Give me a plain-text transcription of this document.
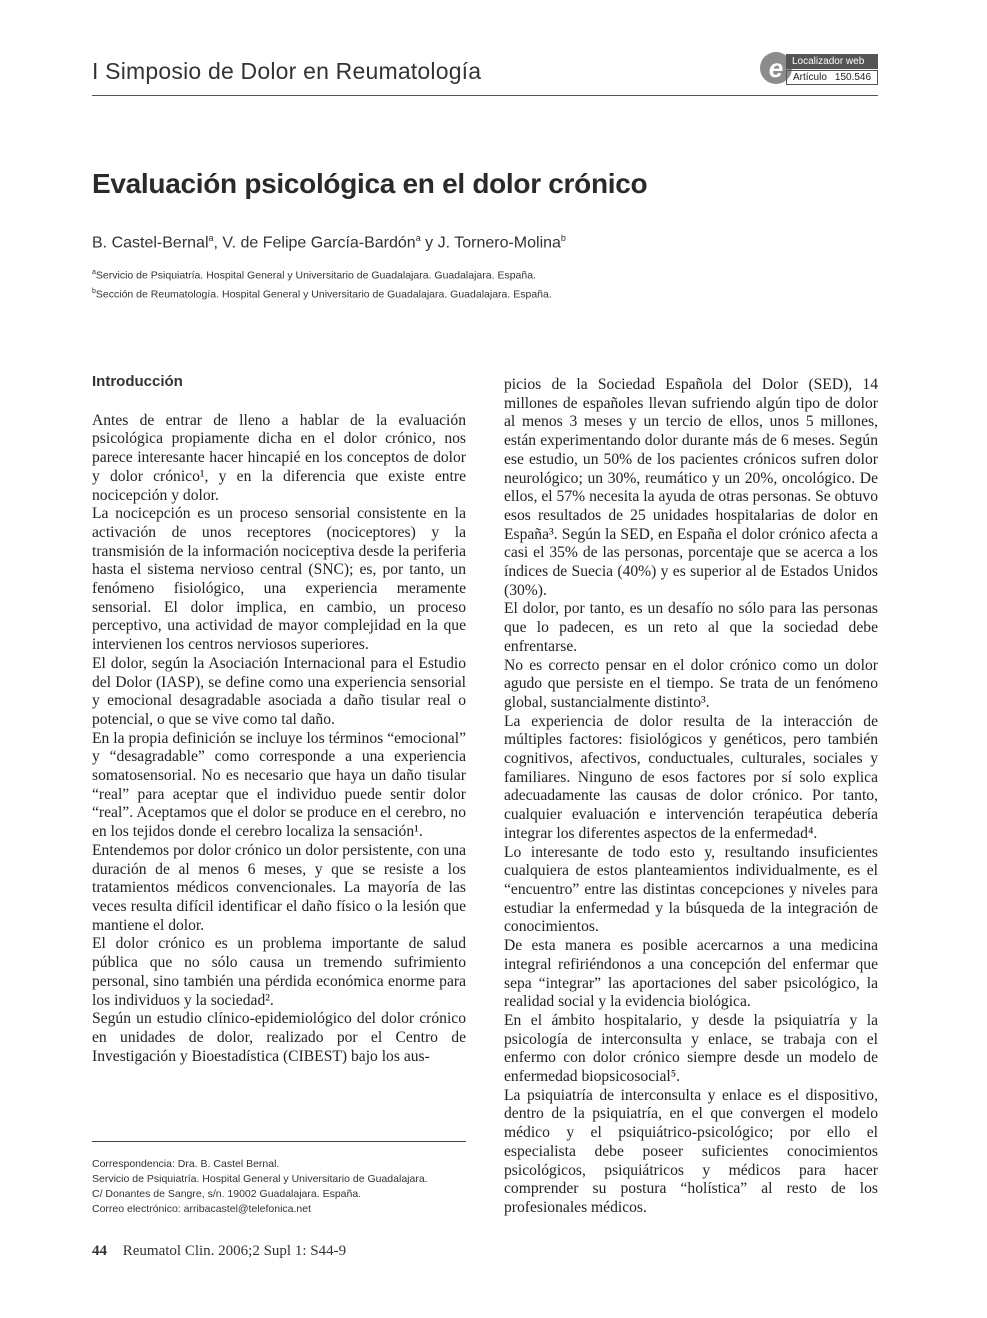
I Simposio de Dolor en Reumatología	e Localizador web
Artículo 150.546
Evaluación psicológica en el dolor crónico
B. Castel-Bernal$^a$, V. de Felipe García-Bardón$^a$ y J. Tornero-Molina$^b$
$^a$Servicio de Psiquiatría. Hospital General y Universitario de Guadalajara. Guadalajara. España.
$^b$Sección de Reumatología. Hospital General y Universitario de Guadalajara. Guadalajara. España.
Introducción

Antes de entrar de lleno a hablar de la evaluación psicológica propiamente dicha en el dolor crónico, nos parece interesante hacer hincapié en los conceptos de dolor y dolor crónico¹, y en la diferencia que existe entre nocicepción y dolor.

La nocicepción es un proceso sensorial consistente en la activación de unos receptores (nociceptores) y la transmisión de la información nociceptiva desde la periferia hasta el sistema nervioso central (SNC); es, por tanto, un fenómeno fisiológico, una experiencia meramente sensorial. El dolor implica, en cambio, un proceso perceptivo, una actividad de mayor complejidad en la que intervienen los centros nerviosos superiores.

El dolor, según la Asociación Internacional para el Estudio del Dolor (IASP), se define como una experiencia sensorial y emocional desagradable asociada a daño tisular real o potencial, o que se vive como tal daño.

En la propia definición se incluye los términos “emocional” y “desagradable” como corresponde a una experiencia somatosensorial. No es necesario que haya un daño tisular “real” para aceptar que el individuo puede sentir dolor “real”. Aceptamos que el dolor se produce en el cerebro, no en los tejidos donde el cerebro localiza la sensación¹.

Entendemos por dolor crónico un dolor persistente, con una duración de al menos 6 meses, y que se resiste a los tratamientos médicos convencionales. La mayoría de las veces resulta difícil identificar el daño físico o la lesión que mantiene el dolor.

El dolor crónico es un problema importante de salud pública que no sólo causa un tremendo sufrimiento personal, sino también una pérdida económica enorme para los individuos y la sociedad².

Según un estudio clínico-epidemiológico del dolor crónico en unidades de dolor, realizado por el Centro de Investigación y Bioestadística (CIBEST) bajo los aus-

picios de la Sociedad Española del Dolor (SED), 14 millones de españoles llevan sufriendo algún tipo de dolor al menos 3 meses y un tercio de ellos, unos 5 millones, están experimentando dolor durante más de 6 meses. Según ese estudio, un 50% de los pacientes crónicos sufren dolor neurológico; un 30%, reumático y un 20%, oncológico. De ellos, el 57% necesita la ayuda de otras personas. Se obtuvo esos resultados de 25 unidades hospitalarias de dolor en España³. Según la SED, en España el dolor crónico afecta a casi el 35% de las personas, porcentaje que se acerca a los índices de Suecia (40%) y es superior al de Estados Unidos (30%).

El dolor, por tanto, es un desafío no sólo para las personas que lo padecen, es un reto al que la sociedad debe enfrentarse.

No es correcto pensar en el dolor crónico como un dolor agudo que persiste en el tiempo. Se trata de un fenómeno global, sustancialmente distinto³.

La experiencia de dolor resulta de la interacción de múltiples factores: fisiológicos y genéticos, pero también cognitivos, afectivos, conductuales, culturales, sociales y familiares. Ninguno de esos factores por sí solo explica adecuadamente las causas de dolor crónico. Por tanto, cualquier evaluación e intervención terapéutica debería integrar los diferentes aspectos de la enfermedad⁴.

Lo interesante de todo esto y, resultando insuficientes cualquiera de estos planteamientos individualmente, es el “encuentro” entre las distintas concepciones y niveles para estudiar la enfermedad y la búsqueda de la integración de conocimientos.

De esta manera es posible acercarnos a una medicina integral refiriéndonos a una concepción del enfermar que sepa “integrar” las aportaciones del saber psicológico, la realidad social y la evidencia biológica.

En el ámbito hospitalario, y desde la psiquiatría y la psicología de interconsulta y enlace, se trabaja con el enfermo con dolor crónico siempre desde un modelo de enfermedad biopsicosocial⁵.

La psiquiatría de interconsulta y enlace es el dispositivo, dentro de la psiquiatría, en el que convergen el modelo médico y el psiquiátrico-psicológico; por ello el especialista debe poseer suficientes conocimientos psicológicos, psiquiátricos y médicos para hacer comprender su postura “holística” al resto de los profesionales médicos.

Correspondencia: Dra. B. Castel Bernal.
Servicio de Psiquiatría. Hospital General y Universitario de Guadalajara.
C/ Donantes de Sangre, s/n. 19002 Guadalajara. España.
Correo electrónico: arribacastel@telefonica.net
44 Reumatol Clin. 2006;2 Supl 1: S44-9
